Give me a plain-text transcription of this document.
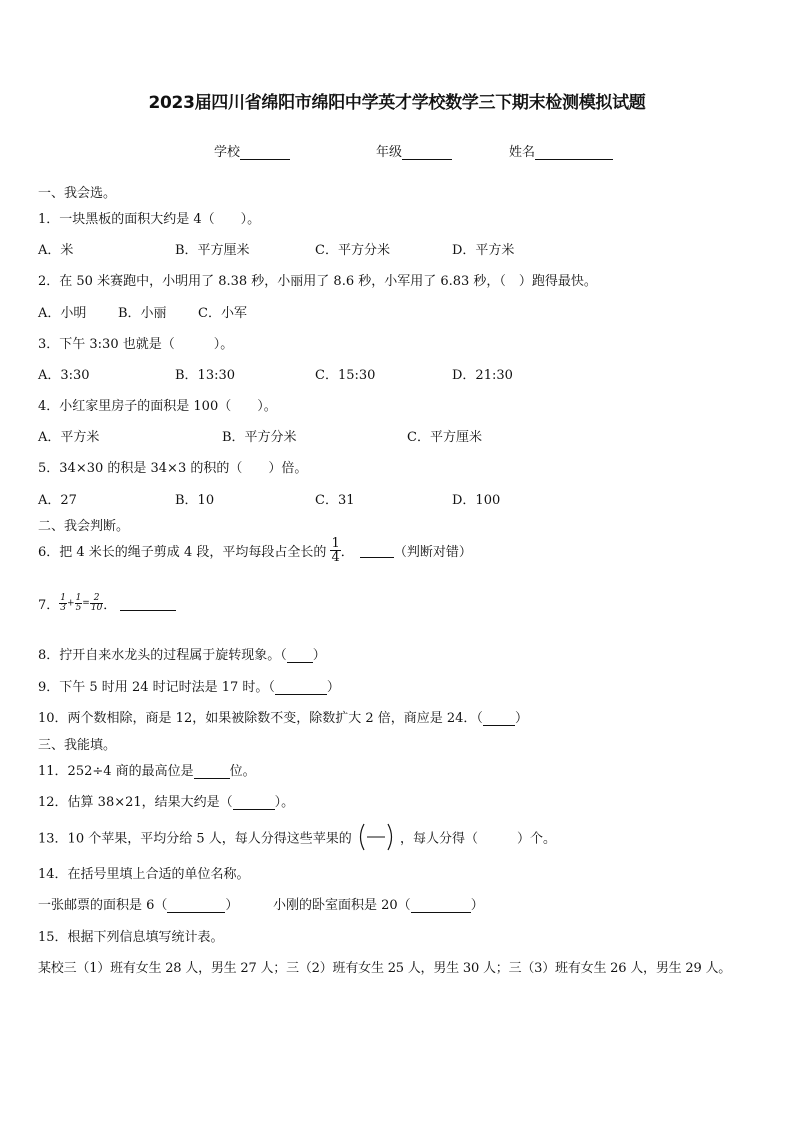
2023届四川省绵阳市绵阳中学英才学校数学三下期末检测模拟试题
学校	年级	姓名
一、我会选。
1．一块黑板的面积大约是 4（　　）。
A．米	B．平方厘米	C．平方分米	D．平方米
2．在 50 米赛跑中，小明用了 8.38 秒，小丽用了 8.6 秒，小军用了 6.83 秒，（　）跑得最快。
A．小明 B．小丽 C．小军
3．下午 3:30 也就是（　　　）。
A．3:30	B．13:30	C．15:30	D．21:30
4．小红家里房子的面积是 100（　　）。
A．平方米	B．平方分米	C．平方厘米
5．34×30 的积是 34×3 的积的（　　）倍。
A．27	B．10	C．31	D．100
二、我会判断。
6．把 4 米长的绳子剪成 4 段，平均每段占全长的 $\frac{1}{4}$ ．	（判断对错）
7． $\frac{1}{3} + \frac{1}{5} = \frac{2}{10}$ ．
8．拧开自来水龙头的过程属于旋转现象。（ ）
9．下午 5 时用 24 时记时法是 17 时。（	）
10．两个数相除，商是 12，如果被除数不变，除数扩大 2 倍，商应是 24．（ ）
三、我能填。
11．252÷4 商的最高位是	位。
12．估算 38×21，结果大约是（	）。
13．10 个苹果，平均分给 5 人，每人分得这些苹果的	，每人分得（　　　）个。
14．在括号里填上合适的单位名称。
一张邮票的面积是 6（	）	小刚的卧室面积是 20（	）
15．根据下列信息填写统计表。
某校三（1）班有女生 28 人，男生 27 人；三（2）班有女生 25 人，男生 30 人；三（3）班有女生 26 人，男生 29 人。
